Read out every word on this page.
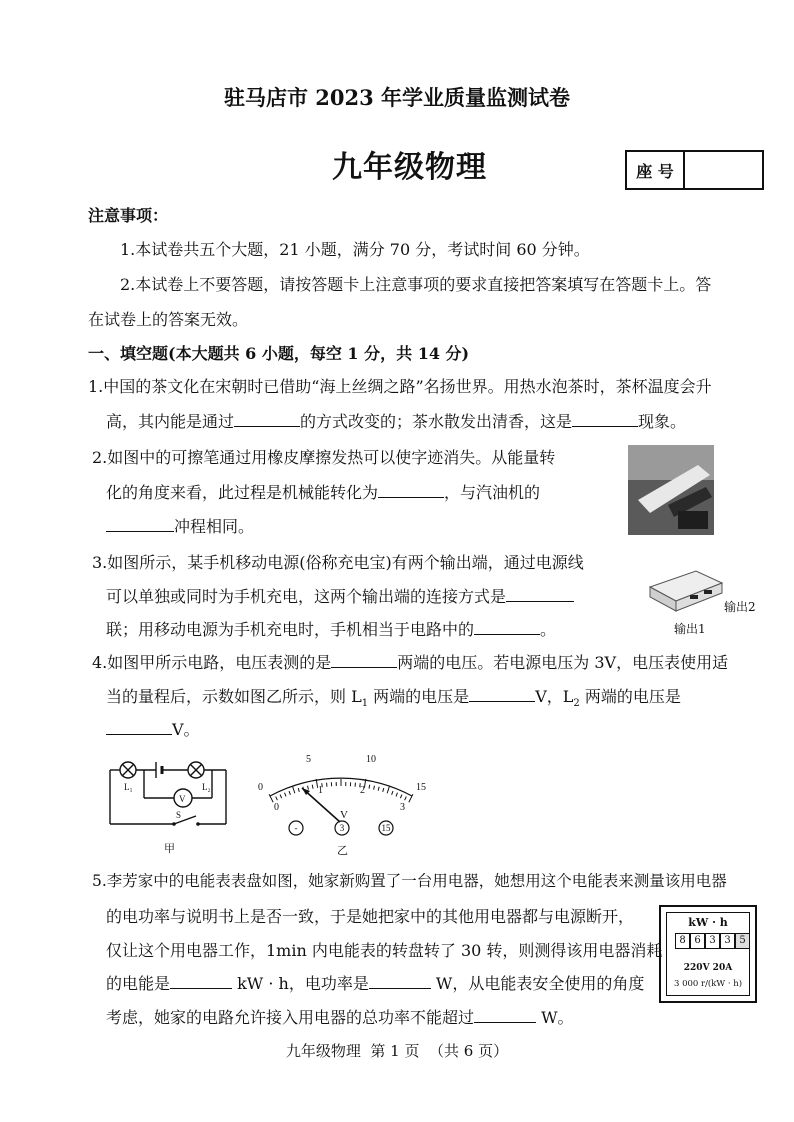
驻马店市 2023 年学业质量监测试卷
九年级物理	座 号
注意事项：
1.本试卷共五个大题，21 小题，满分 70 分，考试时间 60 分钟。
2.本试卷上不要答题，请按答题卡上注意事项的要求直接把答案填写在答题卡上。答
在试卷上的答案无效。
一、填空题(本大题共 6 小题，每空 1 分，共 14 分)
1.中国的茶文化在宋朝时已借助“海上丝绸之路”名扬世界。用热水泡茶时，茶杯温度会升
高，其内能是通过	的方式改变的；茶水散发出清香，这是	现象。
2.如图中的可擦笔通过用橡皮摩擦发热可以使字迹消失。从能量转
化的角度来看，此过程是机械能转化为	，与汽油机的
冲程相同。
3.如图所示，某手机移动电源(俗称充电宝)有两个输出端，通过电源线
可以单独或同时为手机充电，这两个输出端的连接方式是
联；用移动电源为手机充电时，手机相当于电路中的	。
输出2
输出1
4.如图甲所示电路，电压表测的是	两端的电压。若电源电压为 3V，电压表使用适
当的量程后，示数如图乙所示，则 $L_1$ 两端的电压是	V，$L_2$ 两端的电压是
V。
L₁
V
L₂
S
甲
0
5	10
15
0
1	2
3
V
-	3	15
乙
5.李芳家中的电能表表盘如图，她家新购置了一台用电器，她想用这个电能表来测量该用电器
的电功率与说明书上是否一致，于是她把家中的其他用电器都与电源断开，
仅让这个用电器工作，1min 内电能表的转盘转了 30 转，则测得该用电器消耗
的电能是	kW · h，电功率是	W，从电能表安全使用的角度
考虑，她家的电路允许接入用电器的总功率不能超过	W。
kW · h
8 6 3 3 5
220V 20A
3 000 r/(kW · h)
九年级物理  第 1 页  （共 6 页）
